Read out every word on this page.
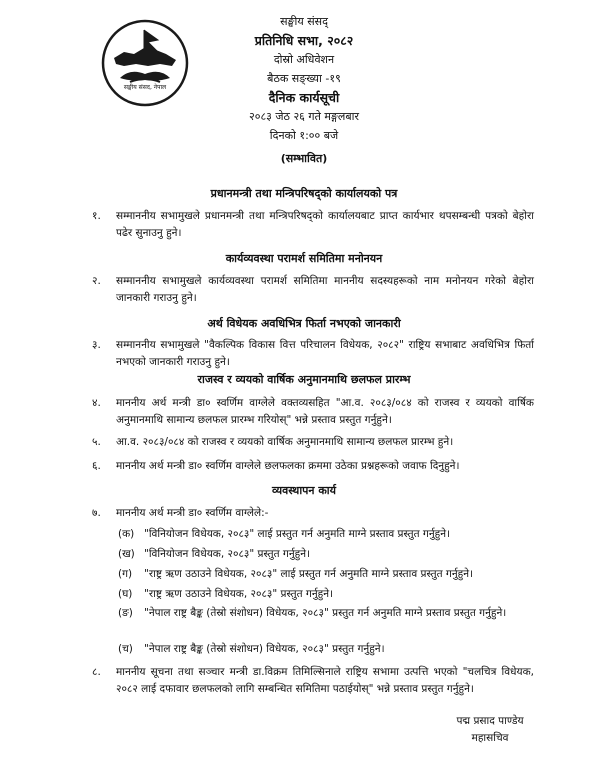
सङ्घीय संसद, नेपाल
सङ्घीय संसद्
प्रतिनिधि सभा, २०८२
दोस्रो अधिवेशन
बैठक सङ्ख्या -१९
दैनिक कार्यसूची
२०८३ जेठ २६ गते मङ्गलबार
दिनको १:०० बजे
(सम्भावित)
प्रधानमन्त्री तथा मन्त्रिपरिषद्को कार्यालयको पत्र
१.	सम्माननीय सभामुखले प्रधानमन्त्री तथा मन्त्रिपरिषद्को कार्यालयबाट प्राप्त कार्यभार थपसम्बन्धी पत्रको बेहोरा पढेर सुनाउनु हुने।
कार्यव्यवस्था परामर्श समितिमा मनोनयन
२.	सम्माननीय सभामुखले कार्यव्यवस्था परामर्श समितिमा माननीय सदस्यहरूको नाम मनोनयन गरेको बेहोरा जानकारी गराउनु हुने।
अर्थ विधेयक अवधिभित्र फिर्ता नभएको जानकारी
३.	सम्माननीय सभामुखले "वैकल्पिक विकास वित्त परिचालन विधेयक, २०८२" राष्ट्रिय सभाबाट अवधिभित्र फिर्ता नभएको जानकारी गराउनु हुने।
राजस्व र व्ययको वार्षिक अनुमानमाथि छलफल प्रारम्भ
४.	माननीय अर्थ मन्त्री डा० स्वर्णिम वाग्लेले वक्तव्यसहित "आ.व. २०८३/०८४ को राजस्व र व्ययको वार्षिक अनुमानमाथि सामान्य छलफल प्रारम्भ गरियोस्" भन्ने प्रस्ताव प्रस्तुत गर्नुहुने।
५.	आ.व. २०८३/०८४ को राजस्व र व्ययको वार्षिक अनुमानमाथि सामान्य छलफल प्रारम्भ हुने।
६.	माननीय अर्थ मन्त्री डा० स्वर्णिम वाग्लेले छलफलका क्रममा उठेका प्रश्नहरूको जवाफ दिनुहुने।
व्यवस्थापन कार्य
७.	माननीय अर्थ मन्त्री डा० स्वर्णिम वाग्लेले:-
(क) "विनियोजन विधेयक, २०८३" लाई प्रस्तुत गर्न अनुमति माग्ने प्रस्ताव प्रस्तुत गर्नुहुने।
(ख) "विनियोजन विधेयक, २०८३" प्रस्तुत गर्नुहुने।
(ग)	"राष्ट्र ऋण उठाउने विधेयक, २०८३" लाई प्रस्तुत गर्न अनुमति माग्ने प्रस्ताव प्रस्तुत गर्नुहुने।
(घ)	"राष्ट्र ऋण उठाउने विधेयक, २०८३" प्रस्तुत गर्नुहुने।
(ङ)	"नेपाल राष्ट्र बैङ्क (तेस्रो संशोधन) विधेयक, २०८३" प्रस्तुत गर्न अनुमति माग्ने प्रस्ताव प्रस्तुत गर्नुहुने।
(च)	"नेपाल राष्ट्र बैङ्क (तेस्रो संशोधन) विधेयक, २०८३" प्रस्तुत गर्नुहुने।
८.	माननीय सूचना तथा सञ्चार मन्त्री डा.विक्रम तिमिल्सिनाले राष्ट्रिय सभामा उत्पत्ति भएको "चलचित्र विधेयक, २०८२ लाई दफावार छलफलको लागि सम्बन्धित समितिमा पठाईयोस्" भन्ने प्रस्ताव प्रस्तुत गर्नुहुने।
पद्म प्रसाद पाण्डेय
महासचिव
